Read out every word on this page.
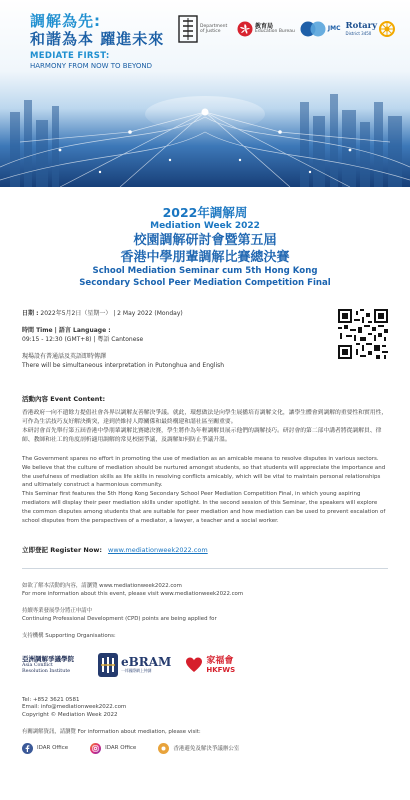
調解為先:
和諧為本 躍進未來
MEDIATE FIRST:
HARMONY FROM NOW TO BEYOND
Department of Justice
教育局
Education Bureau	JMC Rotary
District 3450
2022年調解周
Mediation Week 2022
校園調解研討會暨第五屆
香港中學朋輩調解比賽總決賽
School Mediation Seminar cum 5th Hong Kong
Secondary School Peer Mediation Competition Final

日期 : 2022年5月2日（星期一） | 2 May 2022 (Monday)

時間 Time | 語言 Language :

09:15 - 12:30 (GMT+8) | 粵語 Cantonese

現場設有普通話及英語即時傳譯

There will be simultaneous interpretation in Putonghua and English

活動內容 Event Content:

香港政府一向不遺餘力提倡社會各界以調解友善解決爭議。就此，環想做法是向學生展播培育調解文化，讓學生體會到調解的重要性和實用性，可作為生活技巧友好解決衝突，達到於維持人際關係和最終構建和諧社區至關重要。

本研討會首先舉行第五屆香港中學朋輩調解比賽總決賽，學生將作為年輕調解員展示他們的調解技巧。研討會的第二部中講者將從調解員、律師、教師和社工的角度剖析適用調解的常見校園爭議，及調解如何防止爭議升溫。

The Government spares no effort in promoting the use of mediation as an amicable means to resolve disputes in various sectors. We believe that the culture of mediation should be nurtured amongst students, so that students will appreciate the importance and the usefulness of mediation skills as life skills in resolving conflicts amicably, which will be vital to maintain personal relationships and ultimately construct a harmonious community.

This Seminar first features the 5th Hong Kong Secondary School Peer Mediation Competition Final, in which young aspiring mediators will display their peer mediation skills under spotlight. In the second session of this Seminar, the speakers will explore the common disputes among students that are suitable for peer mediation and how mediation can be used to prevent escalation of school disputes from the perspectives of a mediator, a lawyer, a teacher and a social worker.

立即登記 Register Now: www.mediationweek2022.com
如欲了解本活動的內容，請瀏覽 www.mediationweek2022.com
For more information about this event, please visit www.mediationweek2022.com
持續專業發展學分將正申請中
Continuing Professional Development (CPD) points are being applied for
支持機構 Supporting Organisations:
亞洲調解爭議學院
Asia Conflict
Resolution Institute
eBRAM
一邦國際網上仲調
家福會
HKFWS
Tel: +852 3621 0581
Email: info@mediationweek2022.com
Copyright © Mediation Week 2022
有關調解資訊，請瀏覽 For information about mediation, please visit:
IDAR Office	IDAR Office	香港避免及解決爭議辦公室
